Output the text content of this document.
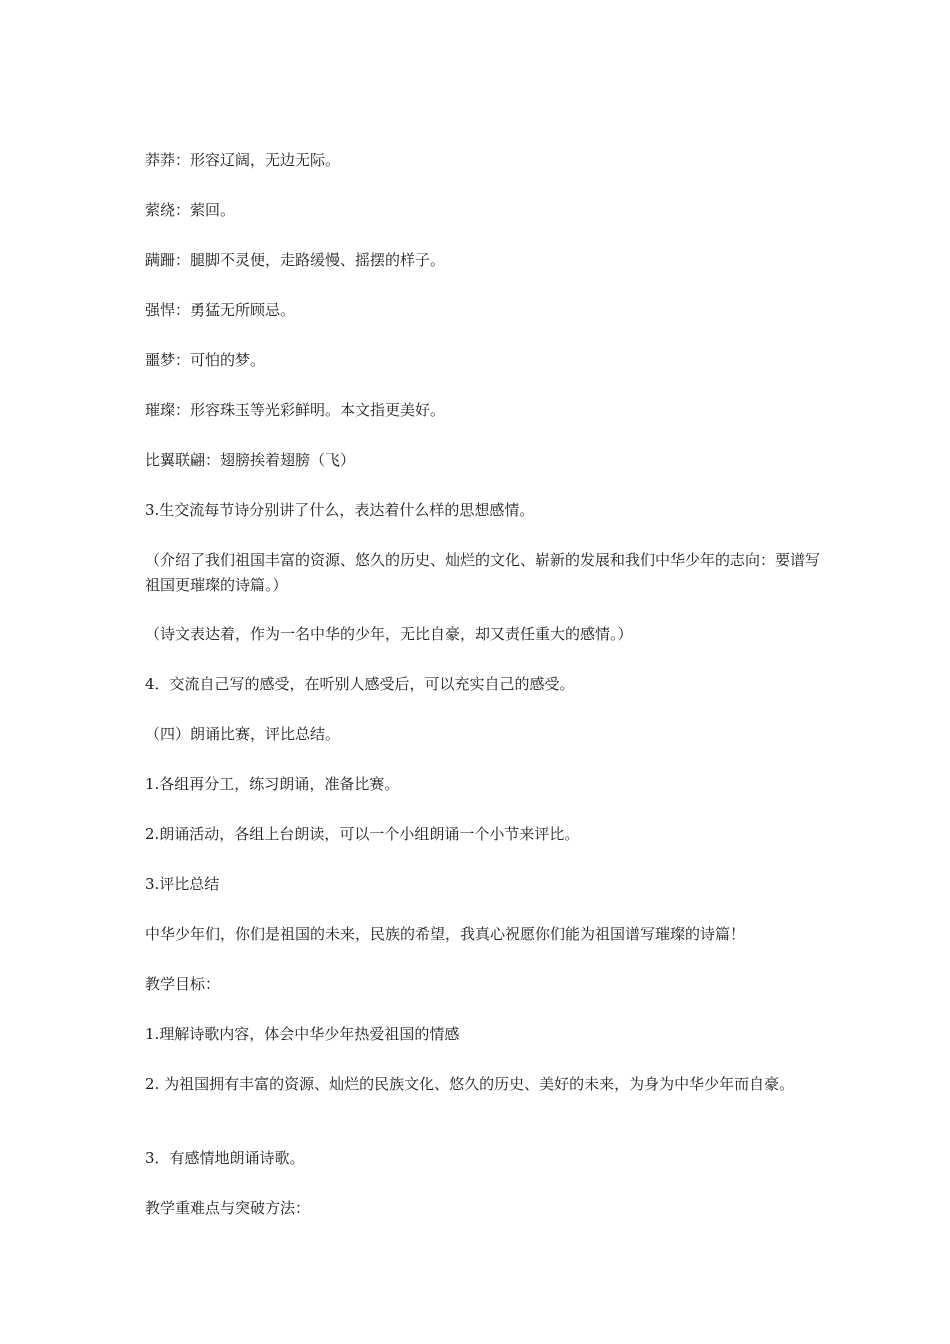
莽莽：形容辽阔，无边无际。

萦绕：萦回。

蹒跚：腿脚不灵便，走路缓慢、摇摆的样子。

强悍：勇猛无所顾忌。

噩梦：可怕的梦。

璀璨：形容珠玉等光彩鲜明。本文指更美好。

比翼联翩：翅膀挨着翅膀（飞）

3.生交流每节诗分别讲了什么，表达着什么样的思想感情。

（介绍了我们祖国丰富的资源、悠久的历史、灿烂的文化、崭新的发展和我们中华少年的志向：要谱写祖国更璀璨的诗篇。）

（诗文表达着，作为一名中华的少年，无比自豪，却又责任重大的感情。）

4．交流自己写的感受，在听别人感受后，可以充实自己的感受。

（四）朗诵比赛，评比总结。

1.各组再分工，练习朗诵，准备比赛。

2.朗诵活动，各组上台朗读，可以一个小组朗诵一个小节来评比。

3.评比总结

中华少年们，你们是祖国的未来，民族的希望，我真心祝愿你们能为祖国谱写璀璨的诗篇！

教学目标：

1.理解诗歌内容，体会中华少年热爱祖国的情感

2. 为祖国拥有丰富的资源、灿烂的民族文化、悠久的历史、美好的未来，为身为中华少年而自豪。

3．有感情地朗诵诗歌。

教学重难点与突破方法：
